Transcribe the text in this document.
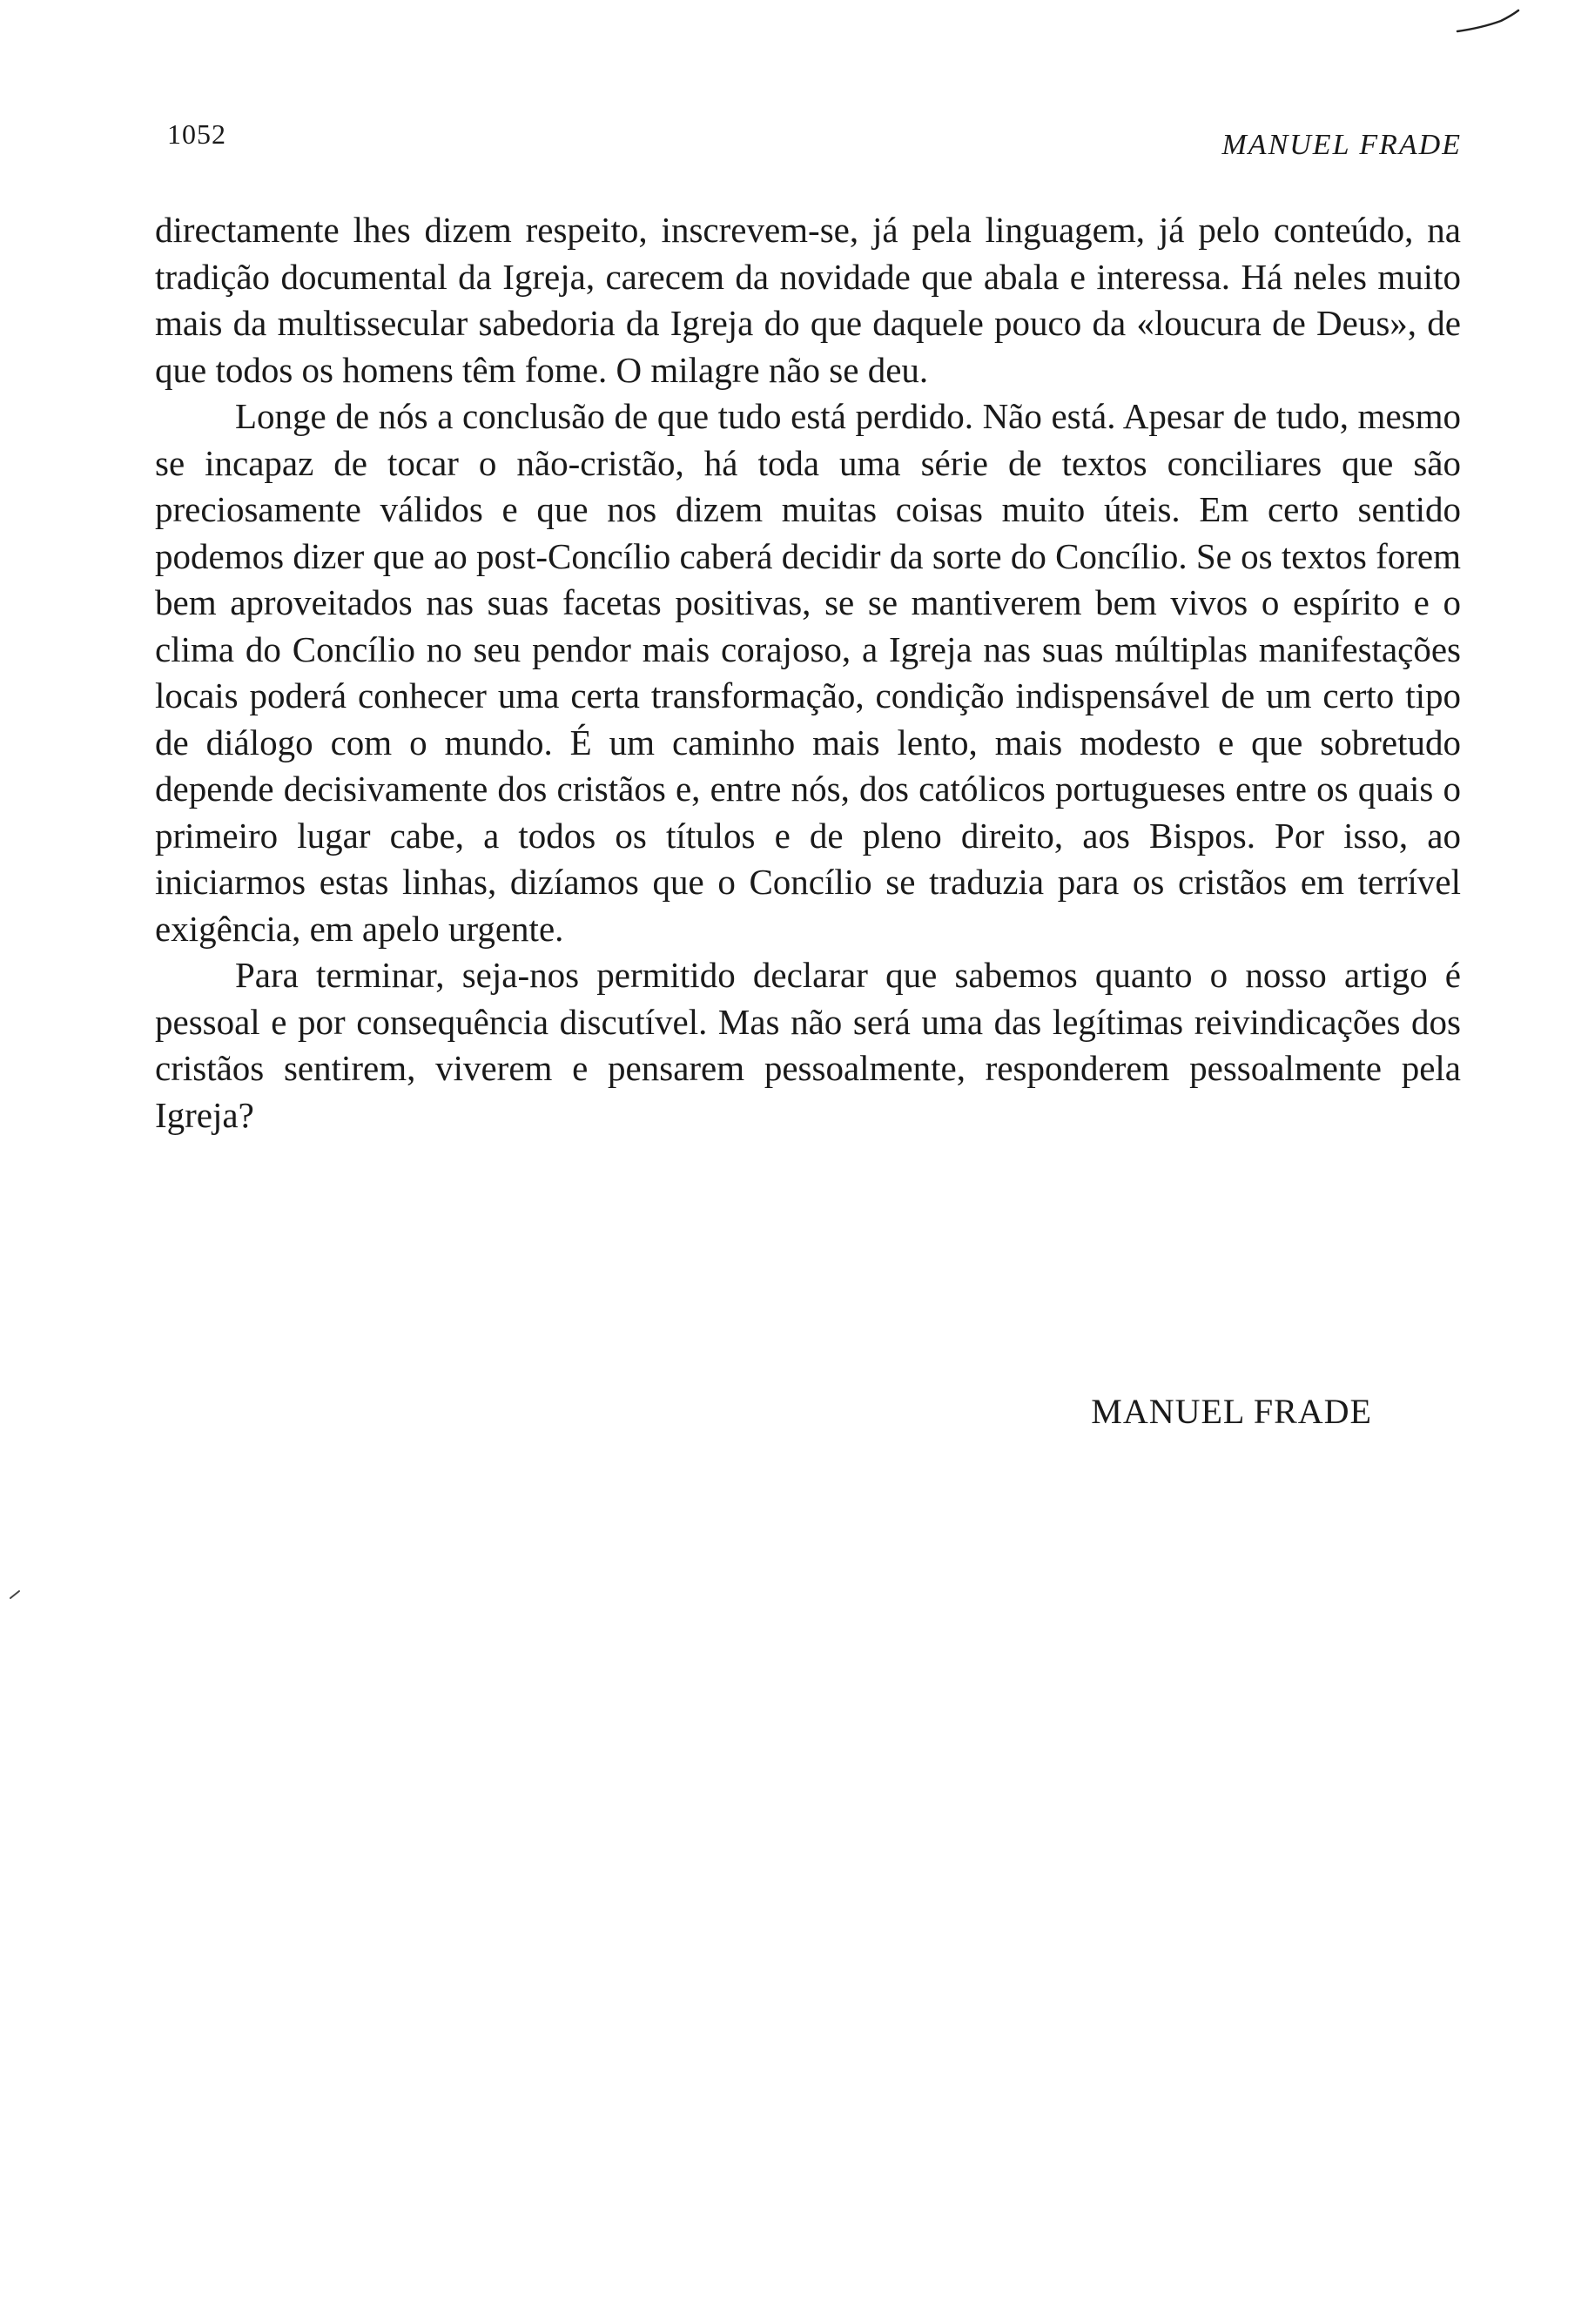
1052	MANUEL FRADE

directamente lhes dizem respeito, inscrevem-se, já pela linguagem, já pelo conteúdo, na tradição documental da Igreja, carecem da novidade que abala e interessa. Há neles muito mais da multissecular sabedoria da Igreja do que daquele pouco da «loucura de Deus», de que todos os homens têm fome. O milagre não se deu.

Longe de nós a conclusão de que tudo está perdido. Não está. Apesar de tudo, mesmo se incapaz de tocar o não-cristão, há toda uma série de textos conciliares que são preciosamente válidos e que nos dizem muitas coisas muito úteis. Em certo sentido podemos dizer que ao post-Concílio caberá decidir da sorte do Concílio. Se os textos forem bem aproveitados nas suas facetas positivas, se se mantiverem bem vivos o espírito e o clima do Concílio no seu pendor mais corajoso, a Igreja nas suas múltiplas manifestações locais poderá conhecer uma certa transformação, condição indispensável de um certo tipo de diálogo com o mundo. É um caminho mais lento, mais modesto e que sobretudo depende decisivamente dos cristãos e, entre nós, dos católicos portugueses entre os quais o primeiro lugar cabe, a todos os títulos e de pleno direito, aos Bispos. Por isso, ao iniciarmos estas linhas, dizíamos que o Concílio se traduzia para os cristãos em terrível exigência, em apelo urgente.

Para terminar, seja-nos permitido declarar que sabemos quanto o nosso artigo é pessoal e por consequência discutível. Mas não será uma das legítimas reivindicações dos cristãos sentirem, viverem e pensarem pessoalmente, responderem pessoalmente pela Igreja?

MANUEL FRADE
